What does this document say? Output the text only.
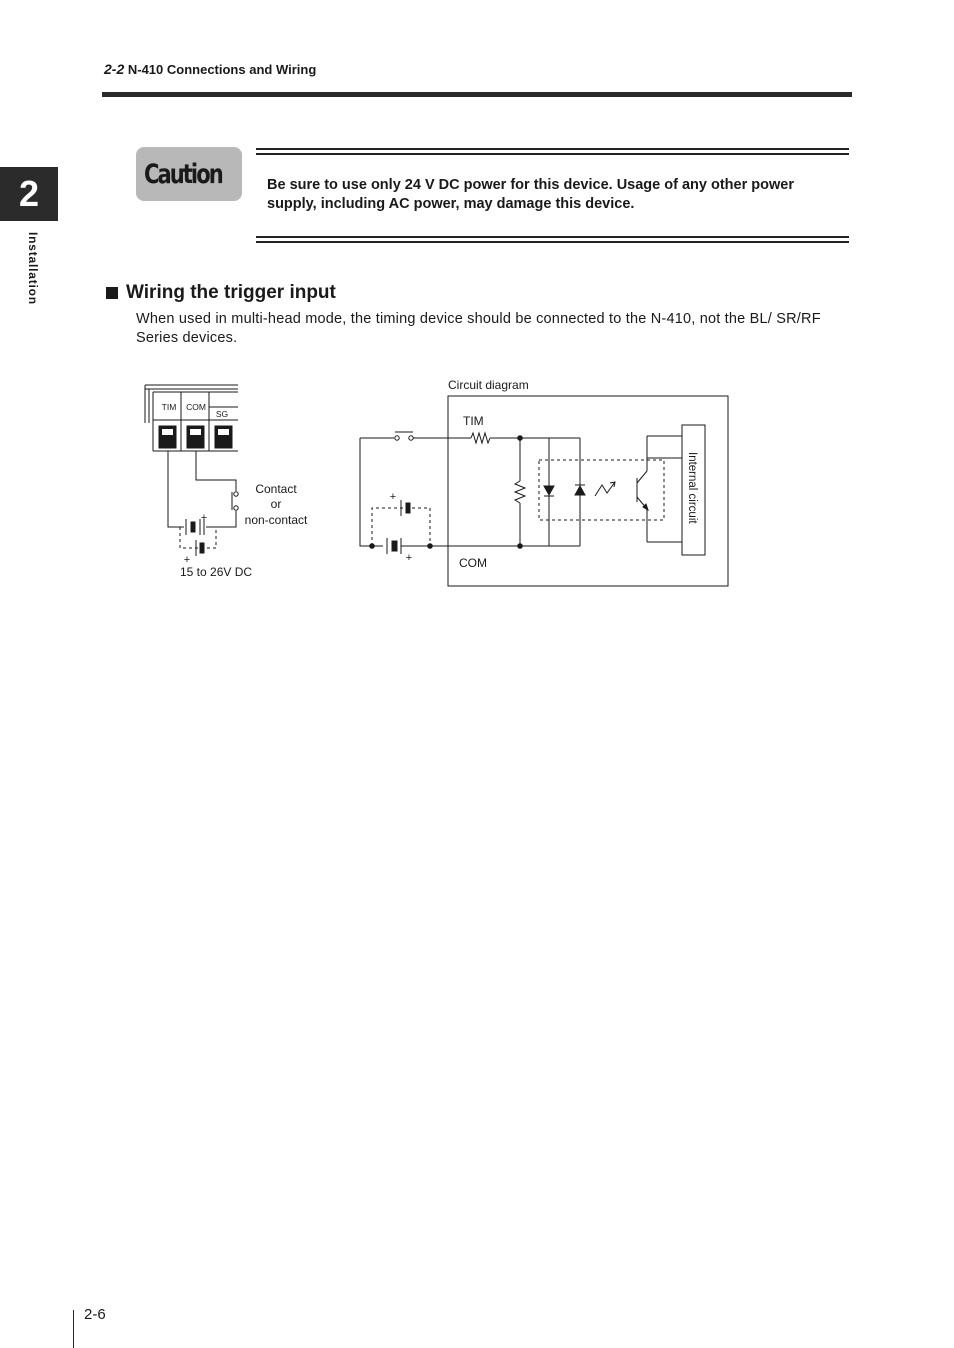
2-2 N-410 Connections and Wiring
2
Installation
Caution	Be sure to use only 24 V DC power for this device. Usage of any other power supply, including AC power, may damage this device.
Wiring the trigger input
When used in multi-head mode, the timing device should be connected to the N-410, not the BL/ SR/RF Series devices.
TIM COM
SG
+
+
15 to 26V DC
Contact
or
non-contact
Circuit diagram
TIM
COM
+
+
Internal circuit
2-6
